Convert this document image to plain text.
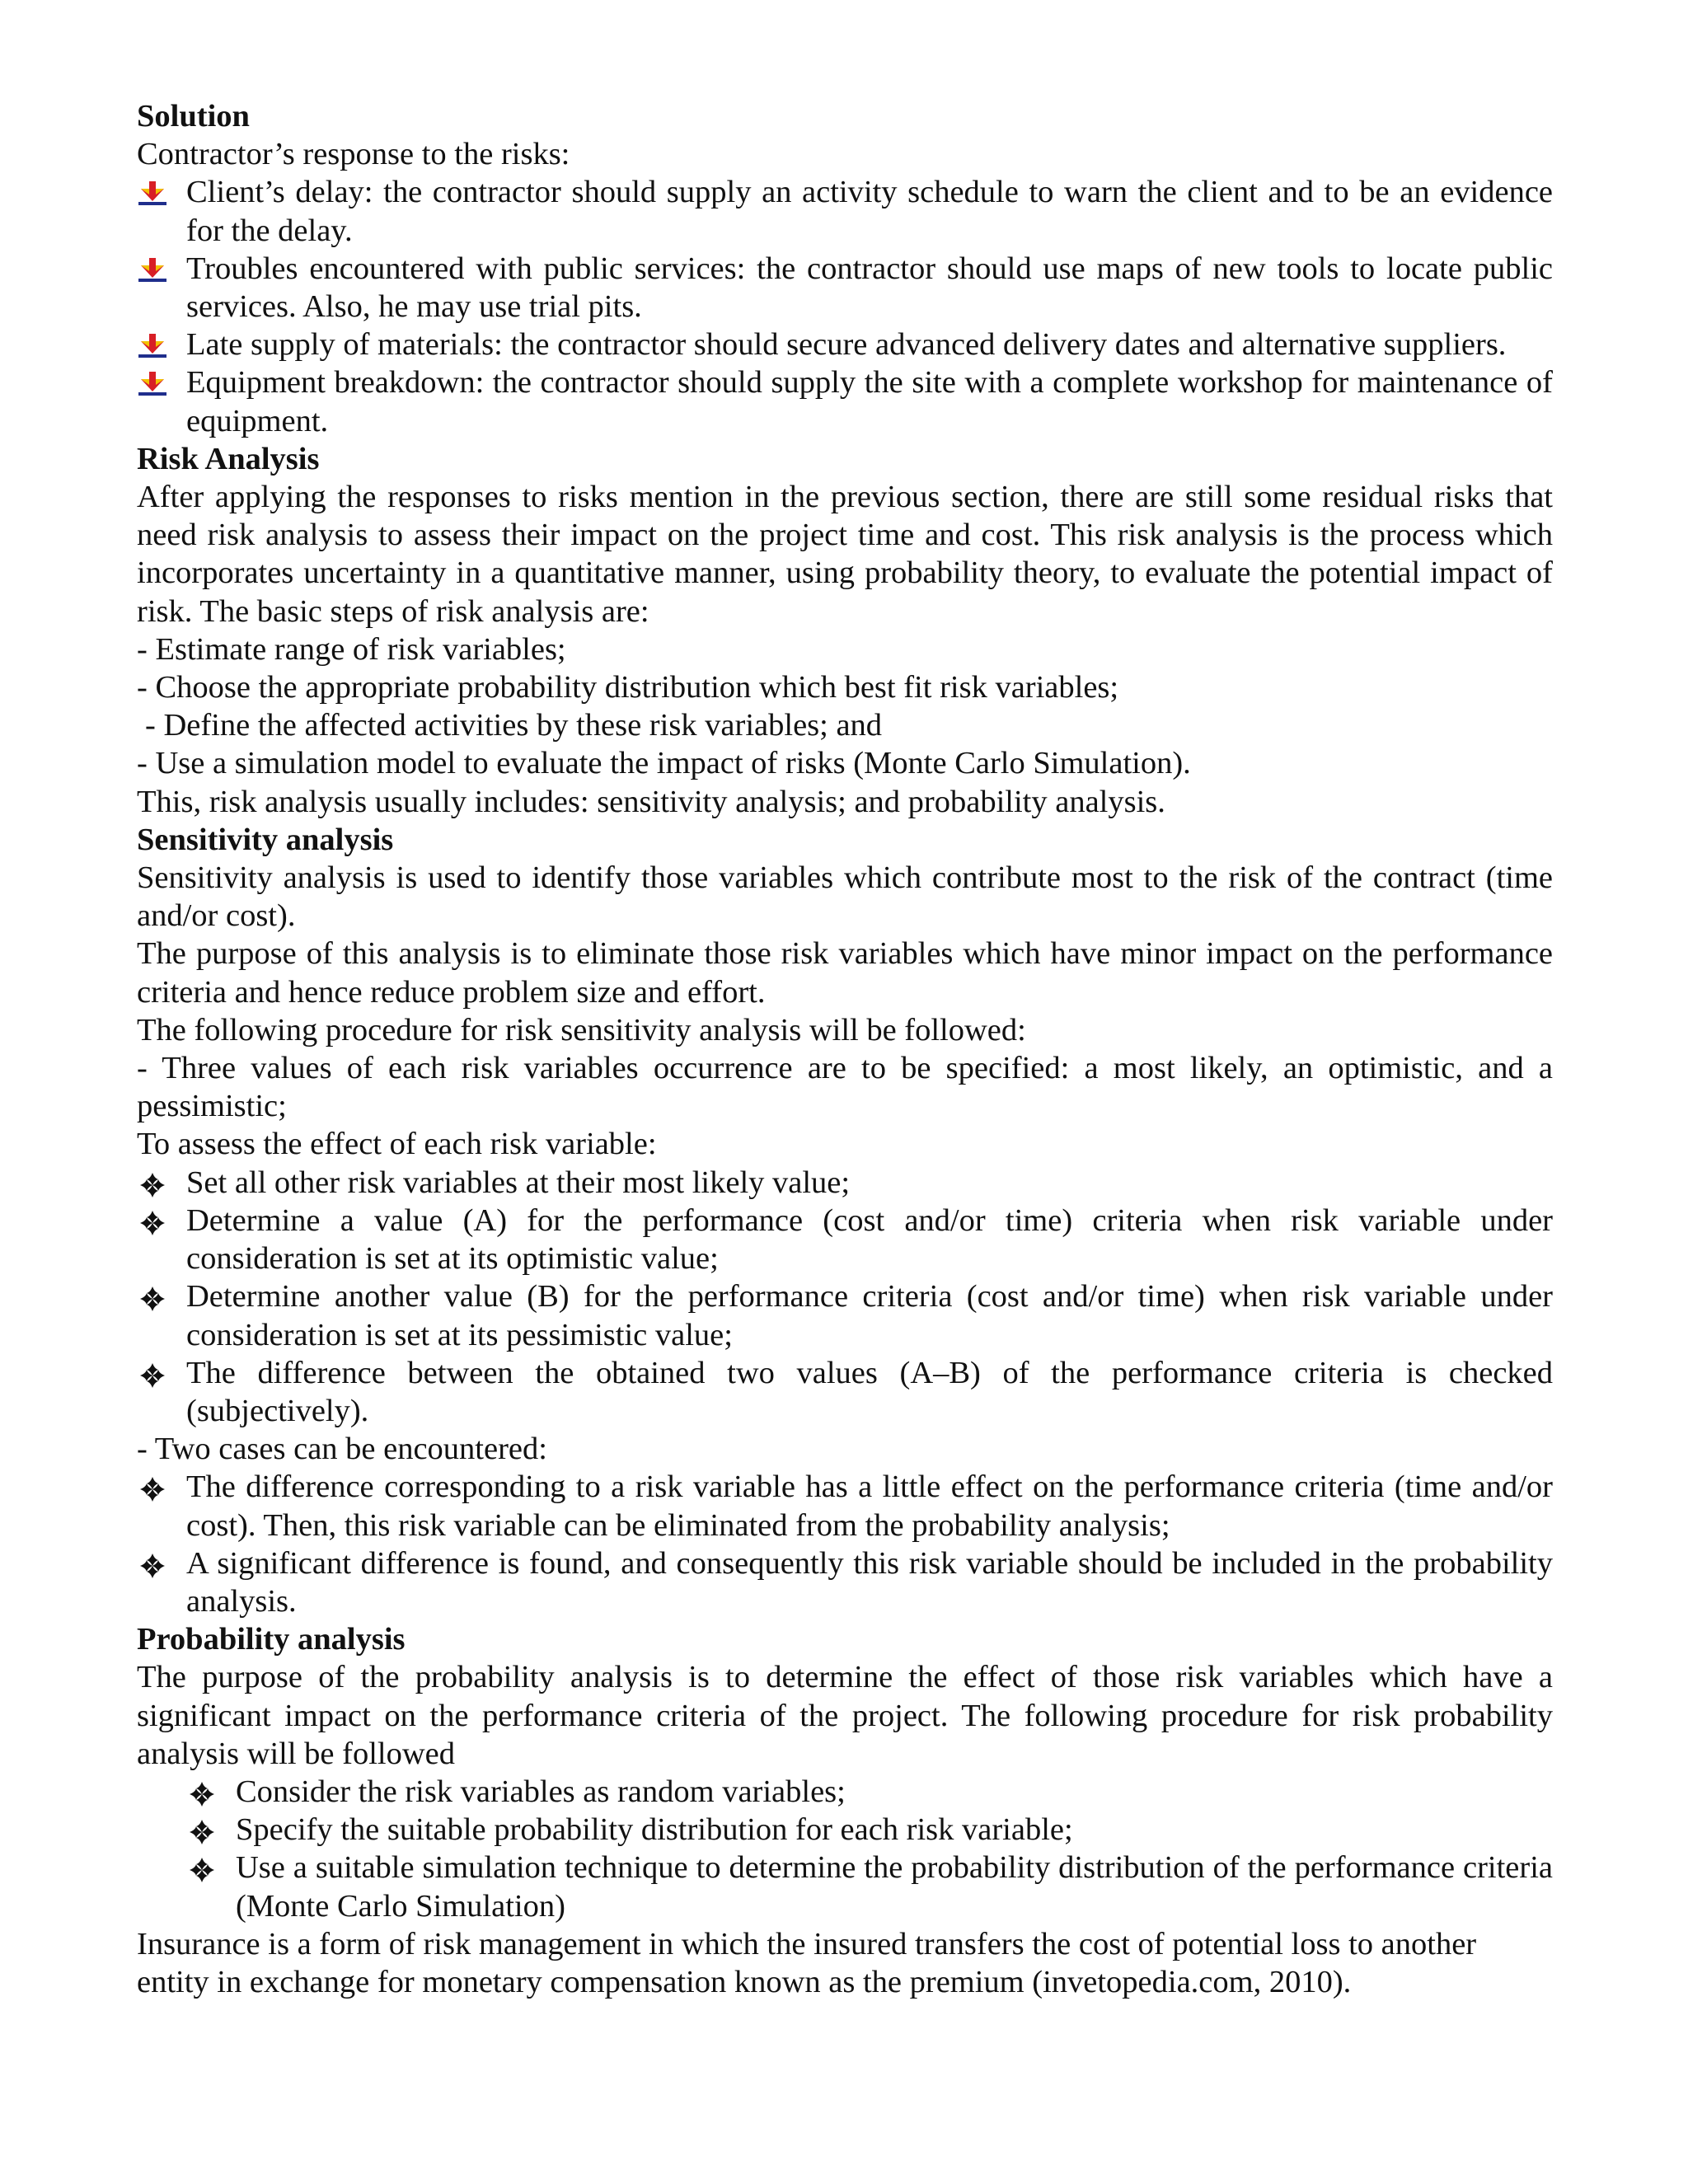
Solution

Contractor’s response to the risks:

Client’s delay: the contractor should supply an activity schedule to warn the client and to be an evidence for the delay.
Troubles encountered with public services: the contractor should use maps of new tools to locate public services. Also, he may use trial pits.
Late supply of materials: the contractor should secure advanced delivery dates and alternative suppliers.
Equipment breakdown: the contractor should supply the site with a complete workshop for maintenance of equipment.

Risk Analysis

After applying the responses to risks mention in the previous section, there are still some residual risks that need risk analysis to assess their impact on the project time and cost. This risk analysis is the process which incorporates uncertainty in a quantitative manner, using probability theory, to evaluate the potential impact of risk. The basic steps of risk analysis are:

- Estimate range of risk variables;

- Choose the appropriate probability distribution which best fit risk variables;

- Define the affected activities by these risk variables; and

- Use a simulation model to evaluate the impact of risks (Monte Carlo Simulation).

This, risk analysis usually includes: sensitivity analysis; and probability analysis.

Sensitivity analysis

Sensitivity analysis is used to identify those variables which contribute most to the risk of the contract (time and/or cost).

The purpose of this analysis is to eliminate those risk variables which have minor impact on the performance criteria and hence reduce problem size and effort.

The following procedure for risk sensitivity analysis will be followed:

- Three values of each risk variables occurrence are to be specified: a most likely, an optimistic, and a pessimistic;

To assess the effect of each risk variable:

Set all other risk variables at their most likely value;
Determine a value (A) for the performance (cost and/or time) criteria when risk variable under consideration is set at its optimistic value;
Determine another value (B) for the performance criteria (cost and/or time) when risk variable under consideration is set at its pessimistic value;
The difference between the obtained two values (A–B) of the performance criteria is checked (subjectively).

- Two cases can be encountered:

The difference corresponding to a risk variable has a little effect on the performance criteria (time and/or cost). Then, this risk variable can be eliminated from the probability analysis;
A significant difference is found, and consequently this risk variable should be included in the probability analysis.

Probability analysis

The purpose of the probability analysis is to determine the effect of those risk variables which have a significant impact on the performance criteria of the project. The following procedure for risk probability analysis will be followed

Consider the risk variables as random variables;
Specify the suitable probability distribution for each risk variable;
Use a suitable simulation technique to determine the probability distribution of the performance criteria (Monte Carlo Simulation)

Insurance is a form of risk management in which the insured transfers the cost of potential loss to another

entity in exchange for monetary compensation known as the premium (invetopedia.com, 2010).
